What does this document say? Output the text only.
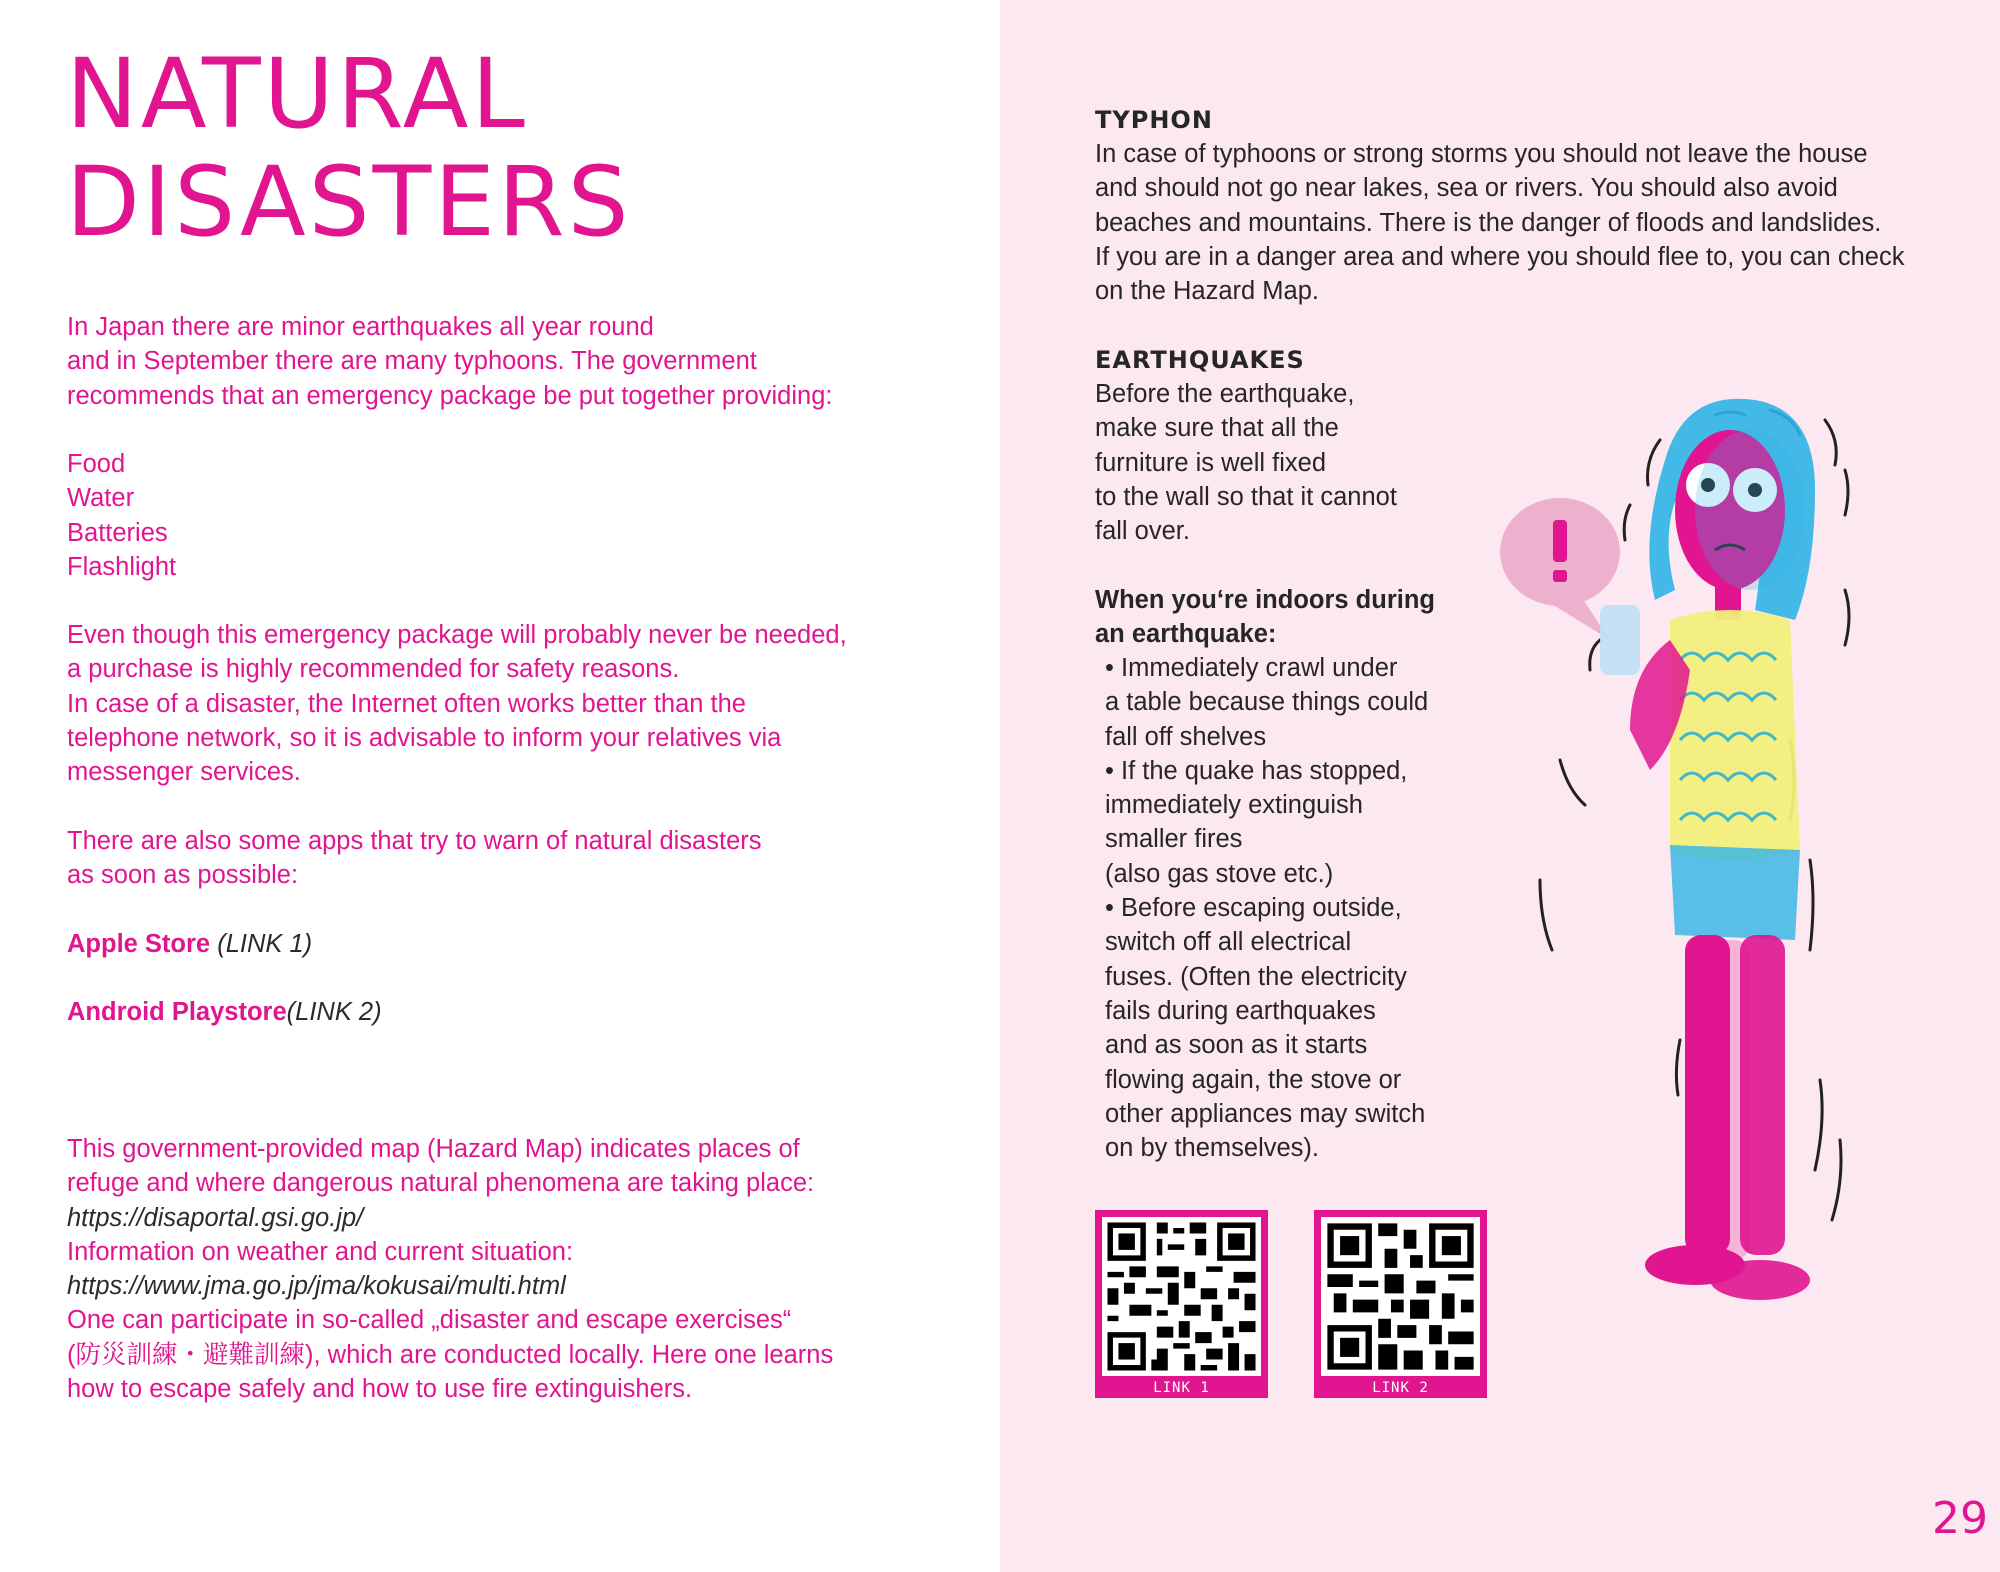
NATURAL
DISASTERS
In Japan there are minor earthquakes all year round
and in September there are many typhoons. The government
recommends that an emergency package be put together providing:
Food
Water
Batteries
Flashlight
Even though this emergency package will probably never be needed,
a purchase is highly recommended for safety reasons.
In case of a disaster, the Internet often works better than the
telephone network, so it is advisable to inform your relatives via
messenger services.
There are also some apps that try to warn of natural disasters
as soon as possible:
Apple Store (LINK 1)
Android Playstore(LINK 2)
This government-provided map (Hazard Map) indicates places of
refuge and where dangerous natural phenomena are taking place:
https://disaportal.gsi.go.jp/
Information on weather and current situation:
https://www.jma.go.jp/jma/kokusai/multi.html
One can participate in so-called „disaster and escape exercises“
(防災訓練・避難訓練), which are conducted locally. Here one learns
how to escape safely and how to use fire extinguishers.
TYPHON
In case of typhoons or strong storms you should not leave the house
and should not go near lakes, sea or rivers. You should also avoid
beaches and mountains. There is the danger of floods and landslides.
If you are in a danger area and where you should flee to, you can check
on the Hazard Map.
EARTHQUAKES
Before the earthquake,
make sure that all the
furniture is well fixed
to the wall so that it cannot
fall over.
When you‘re indoors during
an earthquake:
• Immediately crawl under
a table because things could
fall off shelves
• If the quake has stopped,
immediately extinguish
smaller fires
(also gas stove etc.)
• Before escaping outside,
switch off all electrical
fuses. (Often the electricity
fails during earthquakes
and as soon as it starts
flowing again, the stove or
other appliances may switch
on by themselves).
LINK 1	LINK 2
29
